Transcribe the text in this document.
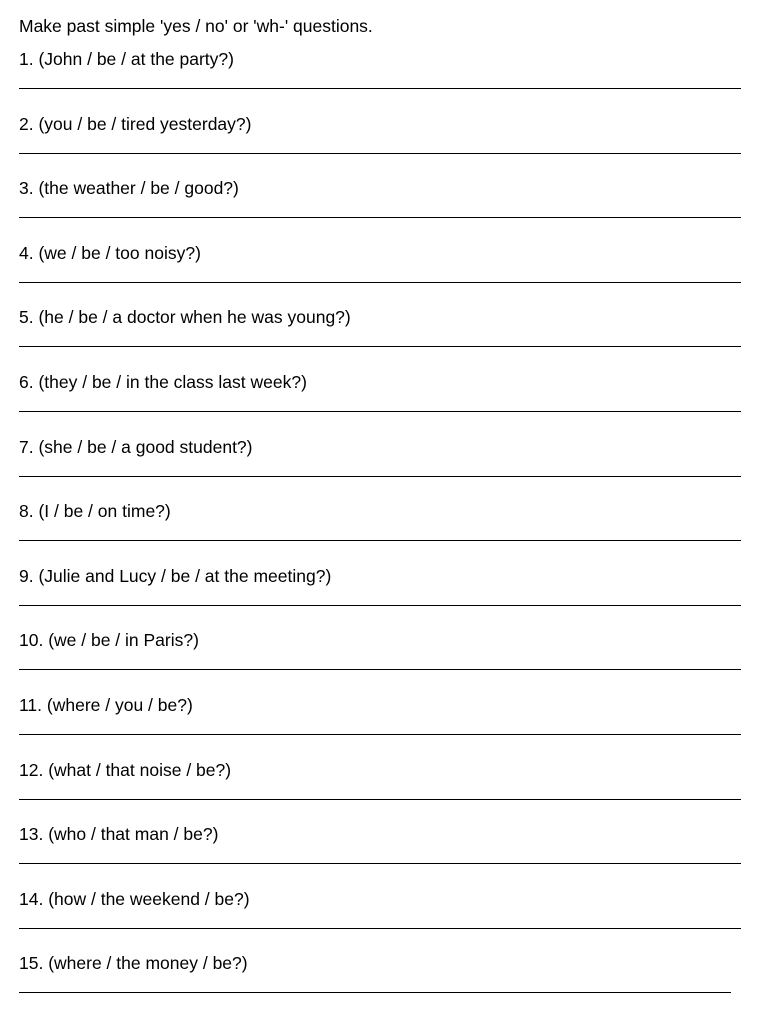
Make past simple 'yes / no' or 'wh-' questions.
1. (John / be / at the party?)
2. (you / be / tired yesterday?)
3. (the weather / be / good?)
4. (we / be / too noisy?)
5. (he / be / a doctor when he was young?)
6. (they / be / in the class last week?)
7. (she / be / a good student?)
8. (I / be / on time?)
9. (Julie and Lucy / be / at the meeting?)
10. (we / be / in Paris?)
11. (where / you / be?)
12. (what / that noise / be?)
13. (who / that man / be?)
14. (how / the weekend / be?)
15. (where / the money / be?)
